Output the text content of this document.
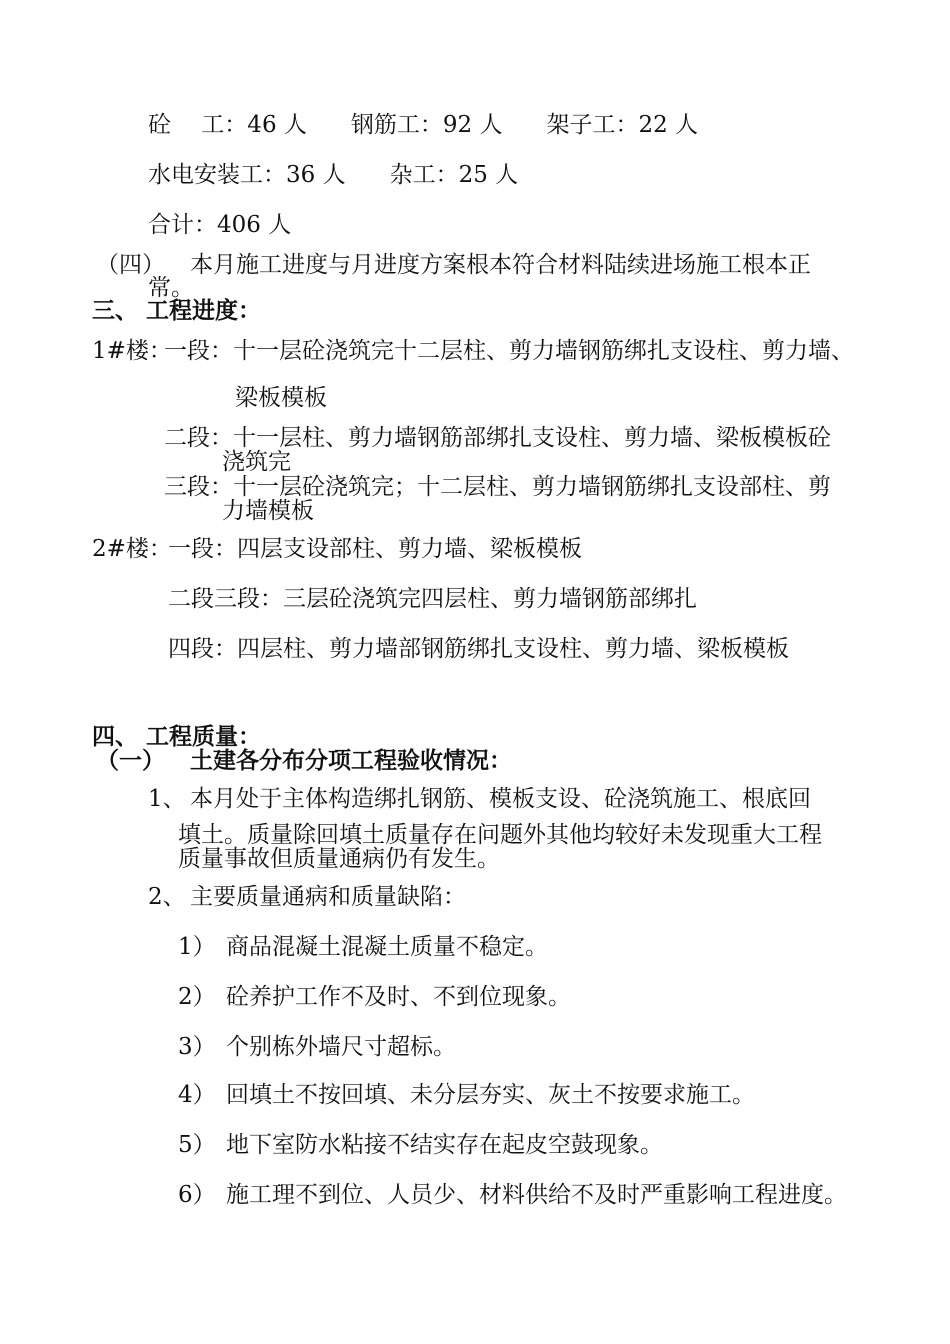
砼　 工：46 人 钢筋工：92 人 架子工：22 人
水电安装工：36 人 杂工：25 人
合计：406 人
（四） 本月施工进度与月进度方案根本符合材料陆续进场施工根本正
常。
三、 工程进度：
1#楼：
一段：十一层砼浇筑完十二层柱、剪力墙钢筋绑扎支设柱、剪力墙、
梁板模板
二段：十一层柱、剪力墙钢筋部绑扎支设柱、剪力墙、梁板模板砼
浇筑完
三段：十一层砼浇筑完；十二层柱、剪力墙钢筋绑扎支设部柱、剪
力墙模板
2#楼：
一段：四层支设部柱、剪力墙、梁板模板
二段三段：三层砼浇筑完四层柱、剪力墙钢筋部绑扎
四段：四层柱、剪力墙部钢筋绑扎支设柱、剪力墙、梁板模板
四、 工程质量：
（一） 土建各分布分项工程验收情况：
1、 本月处于主体构造绑扎钢筋、模板支设、砼浇筑施工、根底回
填土。质量除回填土质量存在问题外其他均较好未发现重大工程
质量事故但质量通病仍有发生。
2、 主要质量通病和质量缺陷：
1） 商品混凝土混凝土质量不稳定。
2） 砼养护工作不及时、不到位现象。
3） 个别栋外墙尺寸超标。
4） 回填土不按回填、未分层夯实、灰土不按要求施工。
5） 地下室防水粘接不结实存在起皮空鼓现象。
6） 施工理不到位、人员少、材料供给不及时严重影响工程进度。
